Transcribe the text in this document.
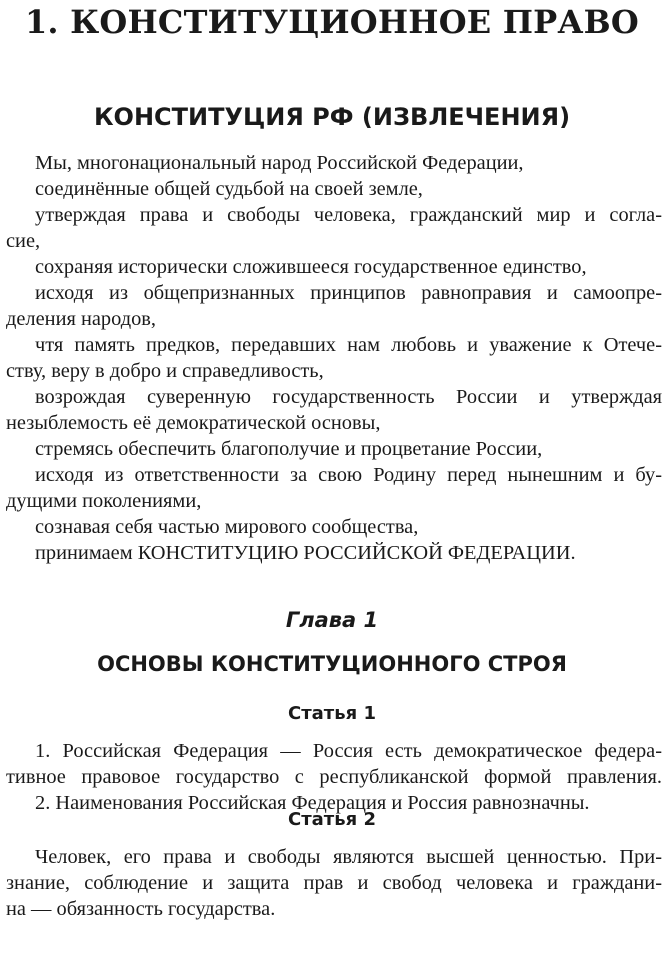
1. КОНСТИТУЦИОННОЕ ПРАВО
КОНСТИТУЦИЯ РФ (ИЗВЛЕЧЕНИЯ)
Мы, многонациональный народ Российской Федерации,
соединённые общей судьбой на своей земле,
утверждая права и свободы человека, гражданский мир и согла-
сие,
сохраняя исторически сложившееся государственное единство,
исходя из общепризнанных принципов равноправия и самоопре-
деления народов,
чтя память предков, передавших нам любовь и уважение к Отече-
ству, веру в добро и справедливость,
возрождая суверенную государственность России и утверждая
незыблемость её демократической основы,
стремясь обеспечить благополучие и процветание России,
исходя из ответственности за свою Родину перед нынешним и бу-
дущими поколениями,
сознавая себя частью мирового сообщества,
принимаем КОНСТИТУЦИЮ РОССИЙСКОЙ ФЕДЕРАЦИИ.
Глава 1
ОСНОВЫ КОНСТИТУЦИОННОГО СТРОЯ
Статья 1
1. Российская Федерация — Россия есть демократическое федера-
тивное правовое государство с республиканской формой правления.
2. Наименования Российская Федерация и Россия равнозначны.
Статья 2
Человек, его права и свободы являются высшей ценностью. При-
знание, соблюдение и защита прав и свобод человека и граждани-
на — обязанность государства.
